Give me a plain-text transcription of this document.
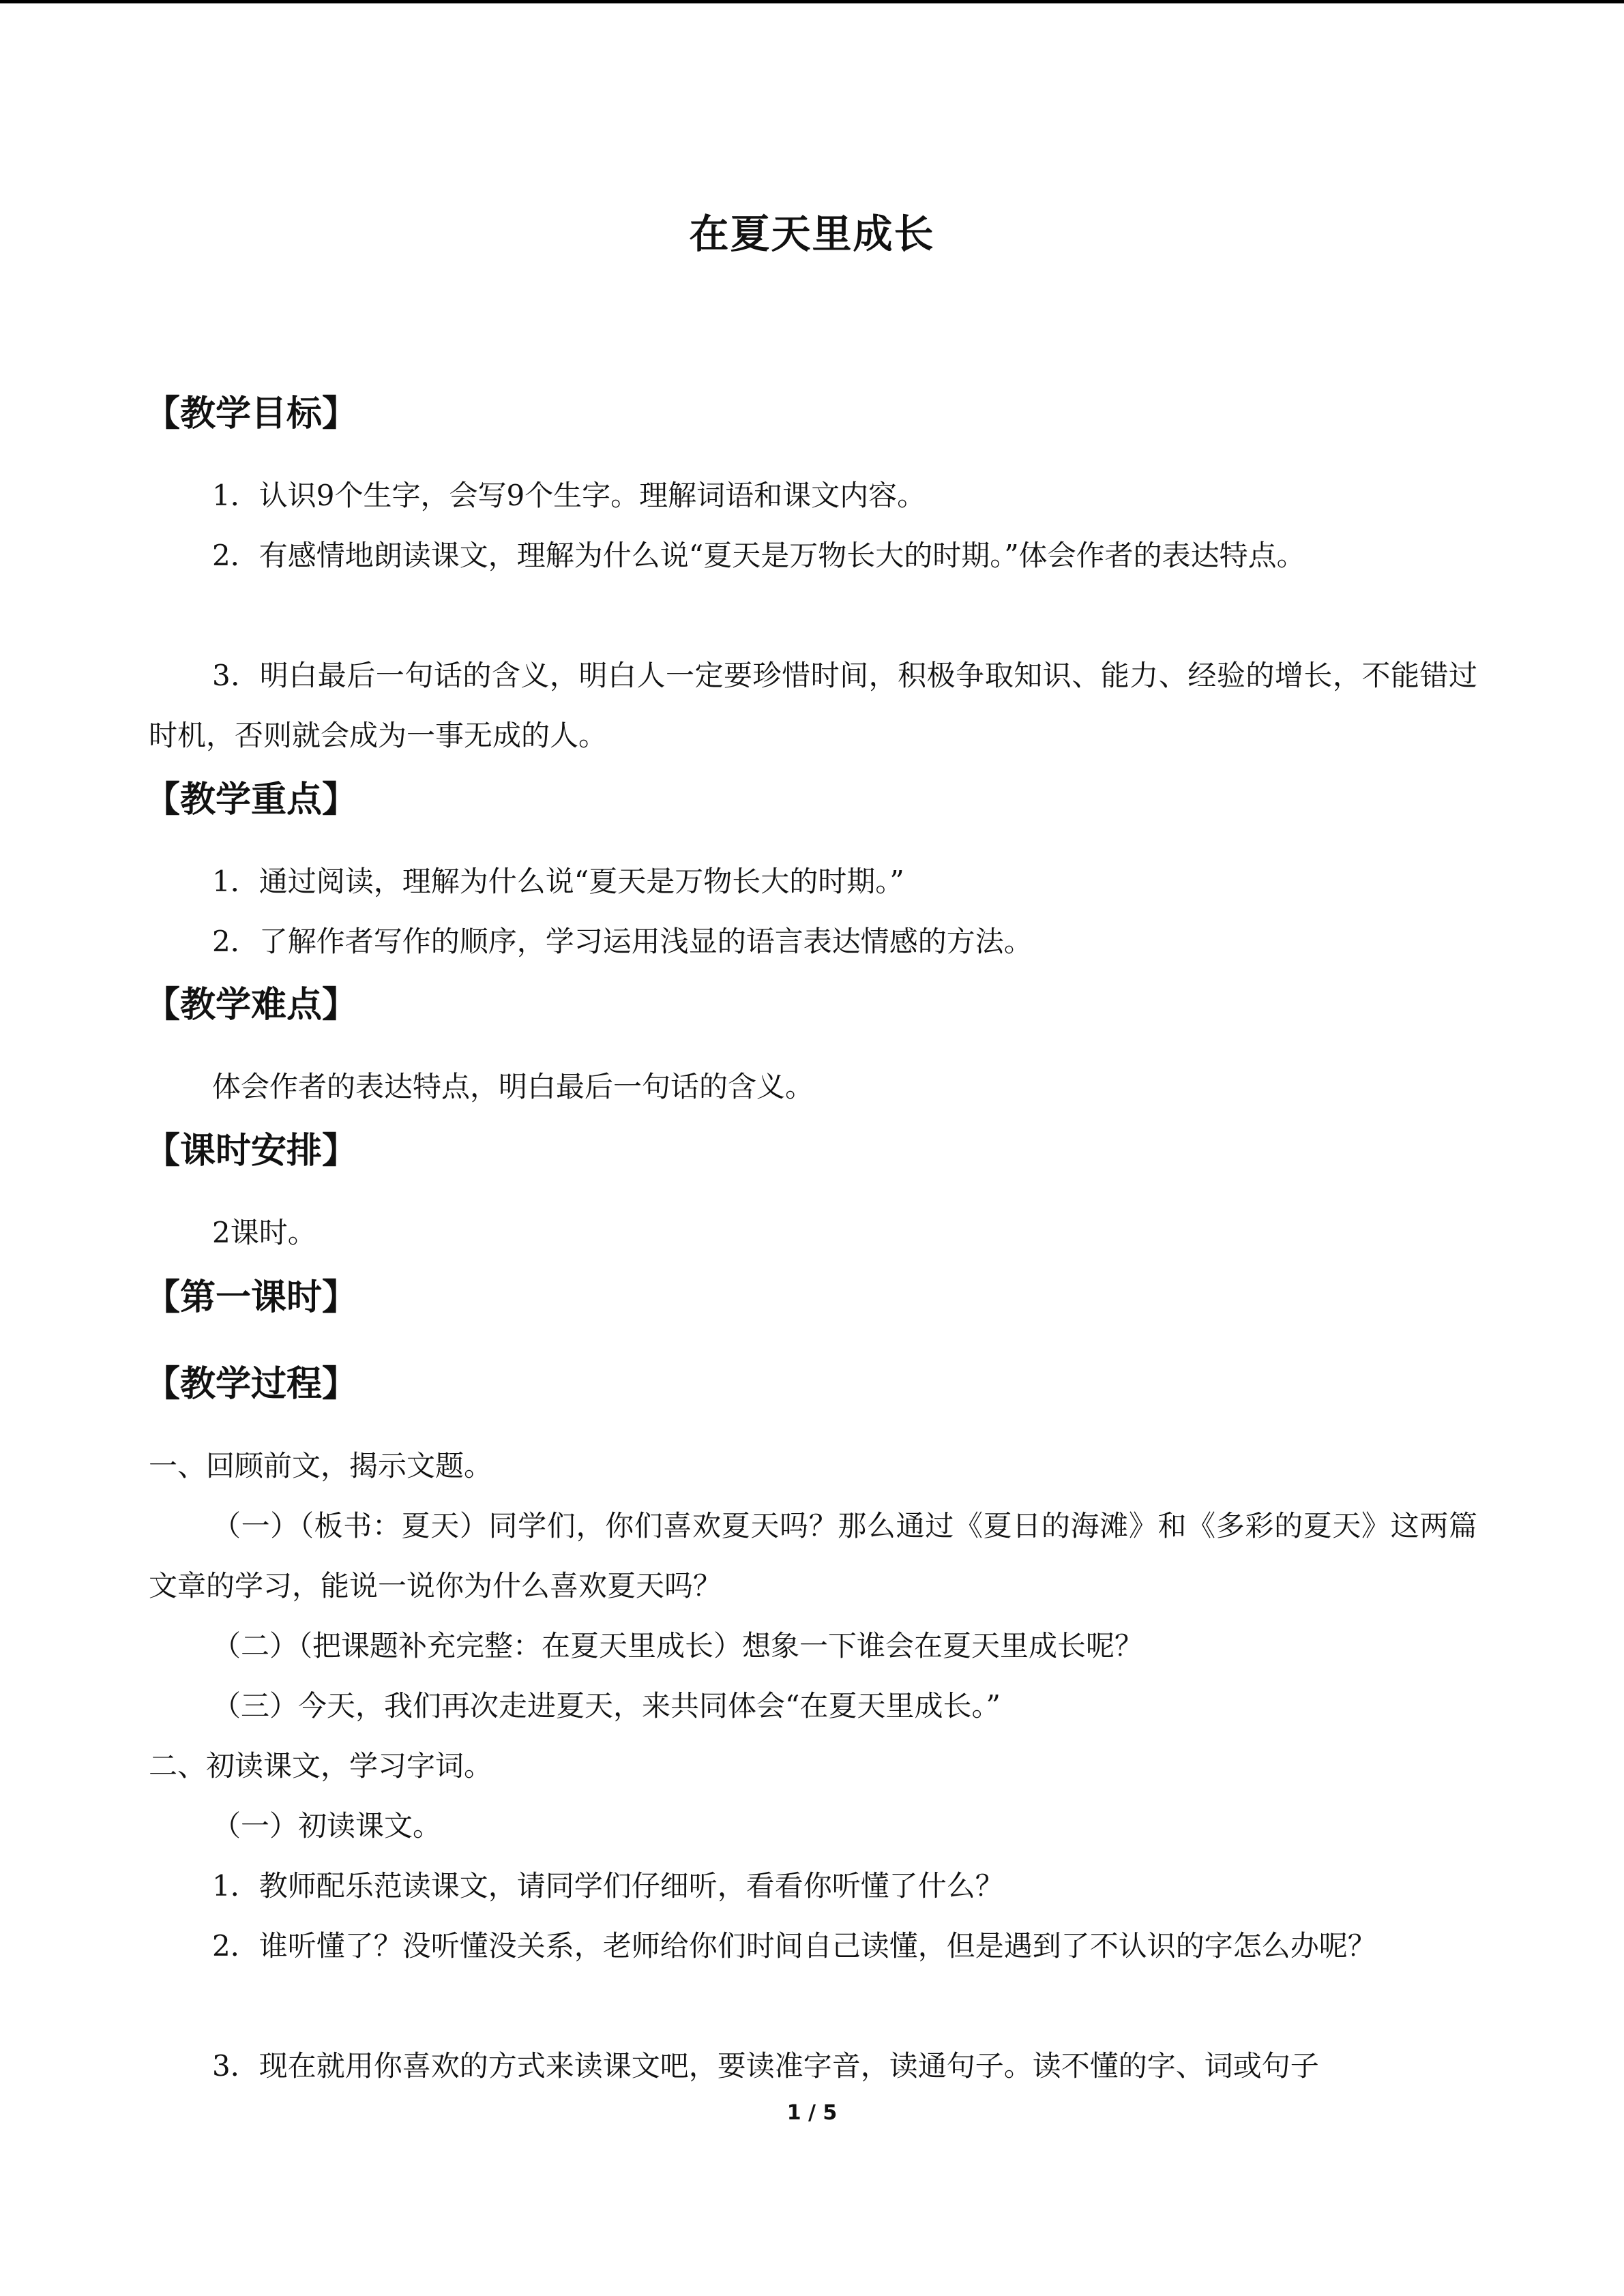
在夏天里成长
【教学目标】
1．认识9个生字，会写9个生字。理解词语和课文内容。
2．有感情地朗读课文，理解为什么说“夏天是万物长大的时期。”体会作者的表达特点。
3．明白最后一句话的含义，明白人一定要珍惜时间，积极争取知识、能力、经验的增长，不能错过时机，否则就会成为一事无成的人。
【教学重点】
1．通过阅读，理解为什么说“夏天是万物长大的时期。”
2．了解作者写作的顺序，学习运用浅显的语言表达情感的方法。
【教学难点】
体会作者的表达特点，明白最后一句话的含义。
【课时安排】
2课时。
【第一课时】
【教学过程】
一、回顾前文，揭示文题。
（一）（板书：夏天）同学们，你们喜欢夏天吗？那么通过《夏日的海滩》和《多彩的夏天》这两篇文章的学习，能说一说你为什么喜欢夏天吗？
（二）（把课题补充完整：在夏天里成长）想象一下谁会在夏天里成长呢？
（三）今天，我们再次走进夏天，来共同体会“在夏天里成长。”
二、初读课文，学习字词。
（一）初读课文。
1．教师配乐范读课文，请同学们仔细听，看看你听懂了什么？
2．谁听懂了？没听懂没关系，老师给你们时间自己读懂，但是遇到了不认识的字怎么办呢？
3．现在就用你喜欢的方式来读课文吧，要读准字音，读通句子。读不懂的字、词或句子
1 / 5
